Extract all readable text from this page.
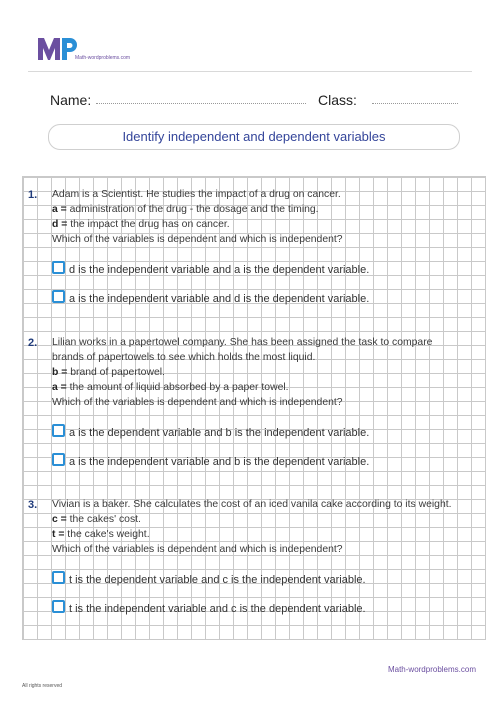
Math-wordproblems.com
Name:	Class:
Identify independent and dependent variables
1. Adam is a Scientist. He studies the impact of a drug on cancer.
a = administration of the drug - the dosage and the timing.
d = the impact the drug has on cancer.
Which of the variables is dependent and which is independent?
d is the independent variable and a is the dependent variable.
a is the independent variable and d is the dependent variable.
2. Lilian works in a papertowel company. She has been assigned the task to compare
brands of papertowels to see which holds the most liquid.
b = brand of papertowel.
a = the amount of liquid absorbed by a paper towel.
Which of the variables is dependent and which is independent?
a is the dependent variable and b is the independent variable.
a is the independent variable and b is the dependent variable.
3. Vivian is a baker. She calculates the cost of an iced vanila cake according to its weight.
c = the cakes' cost.
t = the cake's weight.
Which of the variables is dependent and which is independent?
t is the dependent variable and c is the independent variable.
t is the independent variable and c is the dependent variable.
Math-wordproblems.com
All rights reserved
